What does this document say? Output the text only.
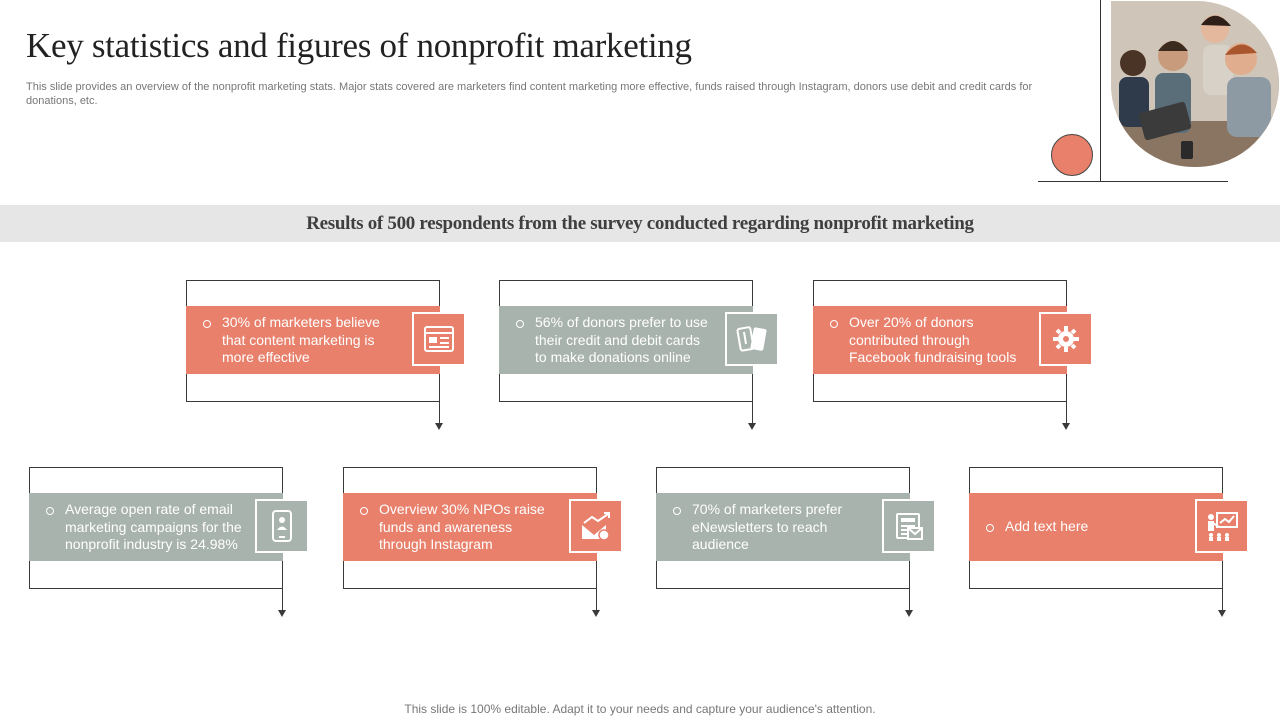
Key statistics and figures of nonprofit marketing
This slide provides an overview of the nonprofit marketing stats. Major stats covered are marketers find content marketing more effective, funds raised through Instagram, donors use debit and credit cards for donations, etc.
Results of 500 respondents from the survey conducted regarding nonprofit marketing
30% of marketers believe that content marketing is more effective
56% of donors prefer to use their credit and debit cards to make donations online
Over 20% of donors contributed through Facebook fundraising tools
Average open rate of email marketing campaigns for the nonprofit industry is 24.98%
Overview 30% NPOs raise funds and awareness through Instagram
70% of marketers prefer eNewsletters to reach audience
Add text here
This slide is 100% editable. Adapt it to your needs and capture your audience's attention.
